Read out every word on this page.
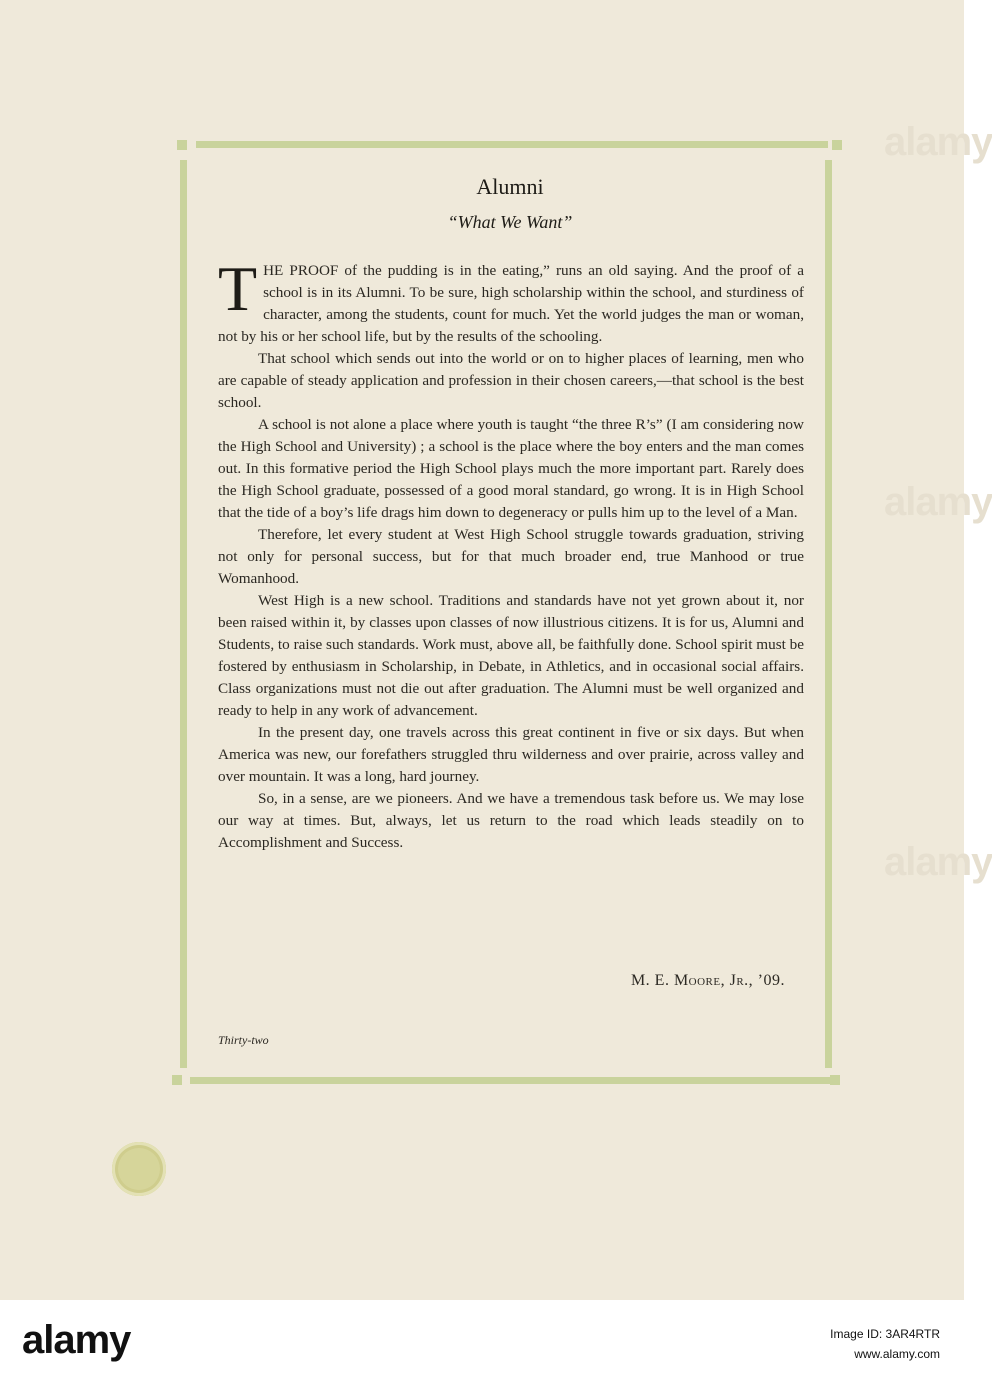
alamy
alamy
alamy
Alumni
“What We Want”

THE PROOF of the pudding is in the eating,” runs an old saying. And the proof of a school is in its Alumni. To be sure, high scholarship within the school, and sturdiness of character, among the students, count for much. Yet the world judges the man or woman, not by his or her school life, but by the results of the schooling.

That school which sends out into the world or on to higher places of learning, men who are capable of steady application and profession in their chosen careers,—that school is the best school.

A school is not alone a place where youth is taught “the three R’s” (I am considering now the High School and University) ; a school is the place where the boy enters and the man comes out. In this formative period the High School plays much the more important part. Rarely does the High School graduate, possessed of a good moral standard, go wrong. It is in High School that the tide of a boy’s life drags him down to degeneracy or pulls him up to the level of a Man.

Therefore, let every student at West High School struggle towards graduation, striving not only for personal success, but for that much broader end, true Manhood or true Womanhood.

West High is a new school. Traditions and standards have not yet grown about it, nor been raised within it, by classes upon classes of now illustrious citizens. It is for us, Alumni and Students, to raise such standards. Work must, above all, be faithfully done. School spirit must be fostered by enthusiasm in Scholarship, in Debate, in Athletics, and in occasional social affairs. Class organizations must not die out after graduation. The Alumni must be well organized and ready to help in any work of advancement.

In the present day, one travels across this great continent in five or six days. But when America was new, our forefathers struggled thru wilderness and over prairie, across valley and over mountain. It was a long, hard journey.

So, in a sense, are we pioneers. And we have a tremendous task before us. We may lose our way at times. But, always, let us return to the road which leads steadily on to Accomplishment and Success.

M. E. Moore, Jr., ’09.
Thirty-two
alamy	Image ID: 3AR4RTR
www.alamy.com
